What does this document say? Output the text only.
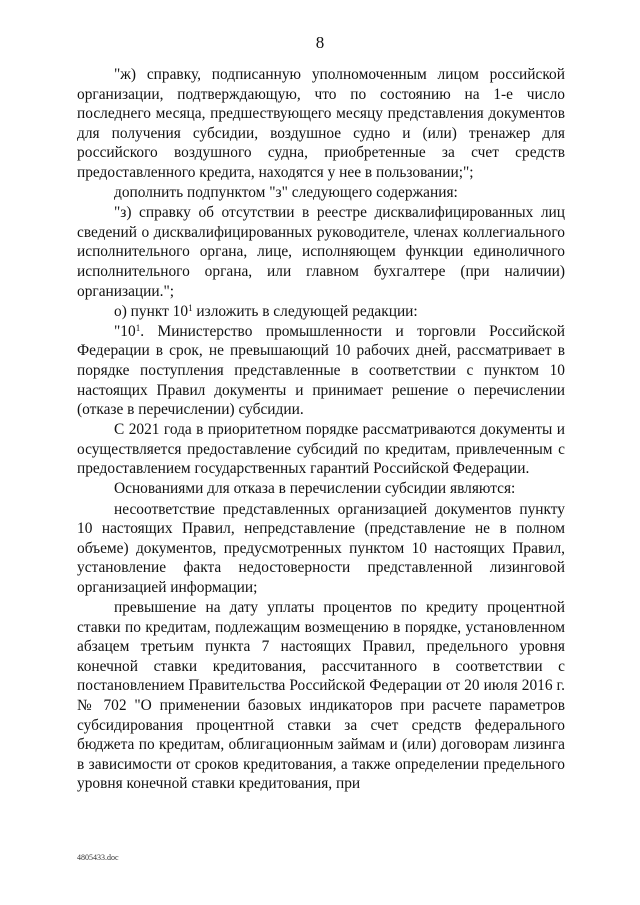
8

"ж) справку, подписанную уполномоченным лицом российской организации, подтверждающую, что по состоянию на 1-е число последнего месяца, предшествующего месяцу представления документов для получения субсидии, воздушное судно и (или) тренажер для российского воздушного судна, приобретенные за счет средств предоставленного кредита, находятся у нее в пользовании;";

дополнить подпунктом "з" следующего содержания:

"з) справку об отсутствии в реестре дисквалифицированных лиц сведений о дисквалифицированных руководителе, членах коллегиального исполнительного органа, лице, исполняющем функции единоличного исполнительного органа, или главном бухгалтере (при наличии) организации.";

о) пункт $10^1$ изложить в следующей редакции:

"$10^1$. Министерство промышленности и торговли Российской Федерации в срок, не превышающий 10 рабочих дней, рассматривает в порядке поступления представленные в соответствии с пунктом 10 настоящих Правил документы и принимает решение о перечислении (отказе в перечислении) субсидии.

С 2021 года в приоритетном порядке рассматриваются документы и осуществляется предоставление субсидий по кредитам, привлеченным с предоставлением государственных гарантий Российской Федерации.

Основаниями для отказа в перечислении субсидии являются:

несоответствие представленных организацией документов пункту 10 настоящих Правил, непредставление (представление не в полном объеме) документов, предусмотренных пунктом 10 настоящих Правил, установление факта недостоверности представленной лизинговой организацией информации;

превышение на дату уплаты процентов по кредиту процентной ставки по кредитам, подлежащим возмещению в порядке, установленном абзацем третьим пункта 7 настоящих Правил, предельного уровня конечной ставки кредитования, рассчитанного в соответствии с постановлением Правительства Российской Федерации от 20 июля 2016 г. № 702 "О применении базовых индикаторов при расчете параметров субсидирования процентной ставки за счет средств федерального бюджета по кредитам, облигационным займам и (или) договорам лизинга в зависимости от сроков кредитования, а также определении предельного уровня конечной ставки кредитования, при

4805433.doc
